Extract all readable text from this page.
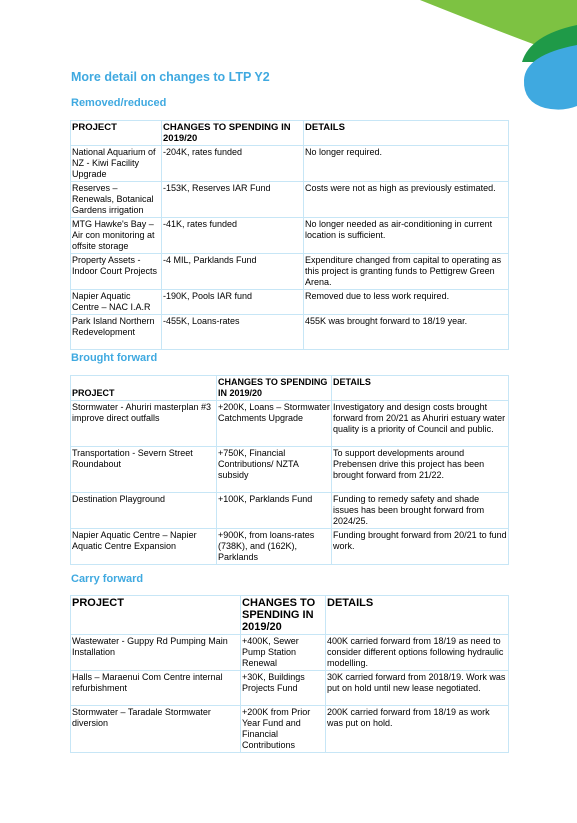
More detail on changes to LTP Y2
Removed/reduced
PROJECT	CHANGES TO SPENDING IN 2019/20	DETAILS
National Aquarium of NZ - Kiwi Facility Upgrade	-204K, rates funded	No longer required.
Reserves – Renewals, Botanical Gardens irrigation	-153K, Reserves IAR Fund	Costs were not as high as previously estimated.
MTG Hawke's Bay – Air con monitoring at offsite storage	-41K, rates funded	No longer needed as air-conditioning in current location is sufficient.
Property Assets - Indoor Court Projects	-4 MIL, Parklands Fund	Expenditure changed from capital to operating as this project is granting funds to Pettigrew Green Arena.
Napier Aquatic Centre – NAC I.A.R	-190K, Pools IAR fund	Removed due to less work required.
Park Island Northern Redevelopment	-455K, Loans-rates	455K was brought forward to 18/19 year.
Brought forward
PROJECT	CHANGES TO SPENDING IN 2019/20	DETAILS
Stormwater - Ahuriri masterplan #3 improve direct outfalls	+200K, Loans – Stormwater Catchments Upgrade	Investigatory and design costs brought forward from 20/21 as Ahuriri estuary water quality is a priority of Council and public.
Transportation - Severn Street Roundabout	+750K, Financial Contributions/ NZTA subsidy	To support developments around Prebensen drive this project has been brought forward from 21/22.
Destination Playground	+100K, Parklands Fund	Funding to remedy safety and shade issues has been brought forward from 2024/25.
Napier Aquatic Centre – Napier Aquatic Centre Expansion	+900K, from loans-rates (738K), and (162K), Parklands	Funding brought forward from 20/21 to fund work.
Carry forward
PROJECT	CHANGES TO SPENDING IN 2019/20	DETAILS
Wastewater - Guppy Rd Pumping Main Installation	+400K, Sewer Pump Station Renewal	400K carried forward from 18/19 as need to consider different options following hydraulic modelling.
Halls – Maraenui Com Centre internal refurbishment	+30K, Buildings Projects Fund	30K carried forward from 2018/19. Work was put on hold until new lease negotiated.
Stormwater – Taradale Stormwater diversion	+200K from Prior Year Fund and Financial Contributions	200K carried forward from 18/19 as work was put on hold.
